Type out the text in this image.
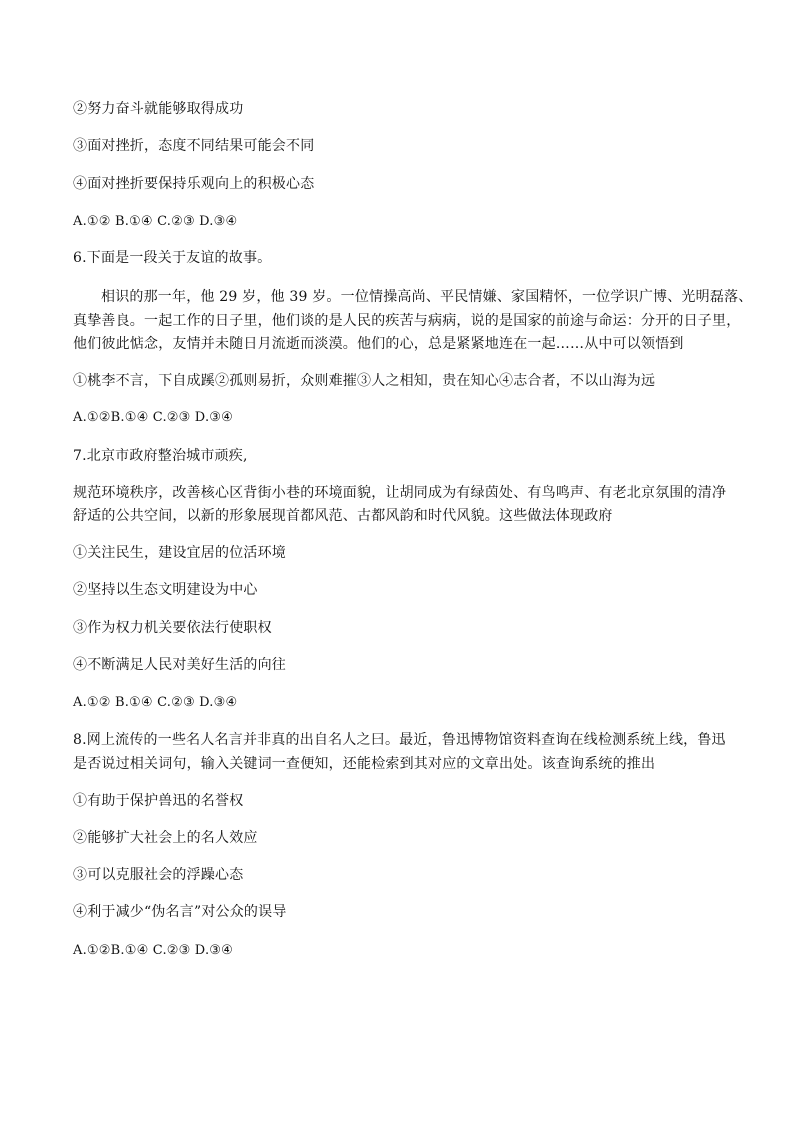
②努力奋斗就能够取得成功
③面对挫折，态度不同结果可能会不同
④面对挫折要保持乐观向上的积极心态
A.①② B.①④ C.②③ D.③④
6.下面是一段关于友谊的故事。
相识的那一年，他 29 岁，他 39 岁。一位情操高尚、平民情嫌、家国精怀，一位学识广博、光明磊落、
真挚善良。一起工作的日子里，他们谈的是人民的疾苦与病病，说的是国家的前途与命运：分开的日子里，
他们彼此惦念，友情并未随日月流逝而淡漠。他们的心，总是紧紧地连在一起……从中可以领悟到
①桃李不言，下自成蹊②孤则易折，众则难摧③人之相知，贵在知心④志合者，不以山海为远
A.①②B.①④ C.②③ D.③④
7.北京市政府整治城市顽疾,
规范环境秩序，改善核心区背街小巷的环境面貌，让胡同成为有绿茵处、有鸟鸣声、有老北京氛围的清净
舒适的公共空间，以新的形象展现首都风范、古都风韵和时代风貌。这些做法体现政府
①关注民生，建设宜居的位活环境
②坚持以生态文明建设为中心
③作为权力机关要依法行使职权
④不断满足人民对美好生活的向往
A.①② B.①④ C.②③ D.③④
8.网上流传的一些名人名言并非真的出自名人之曰。最近，鲁迅博物馆资料查询在线检测系统上线，鲁迅
是否说过相关词句，输入关键词一查便知，还能检索到其对应的文章出处。该查询系统的推出
①有助于保护兽迅的名誉权
②能够扩大社会上的名人效应
③可以克服社会的浮躁心态
④利于减少“伪名言”对公众的误导
A.①②B.①④ C.②③ D.③④
